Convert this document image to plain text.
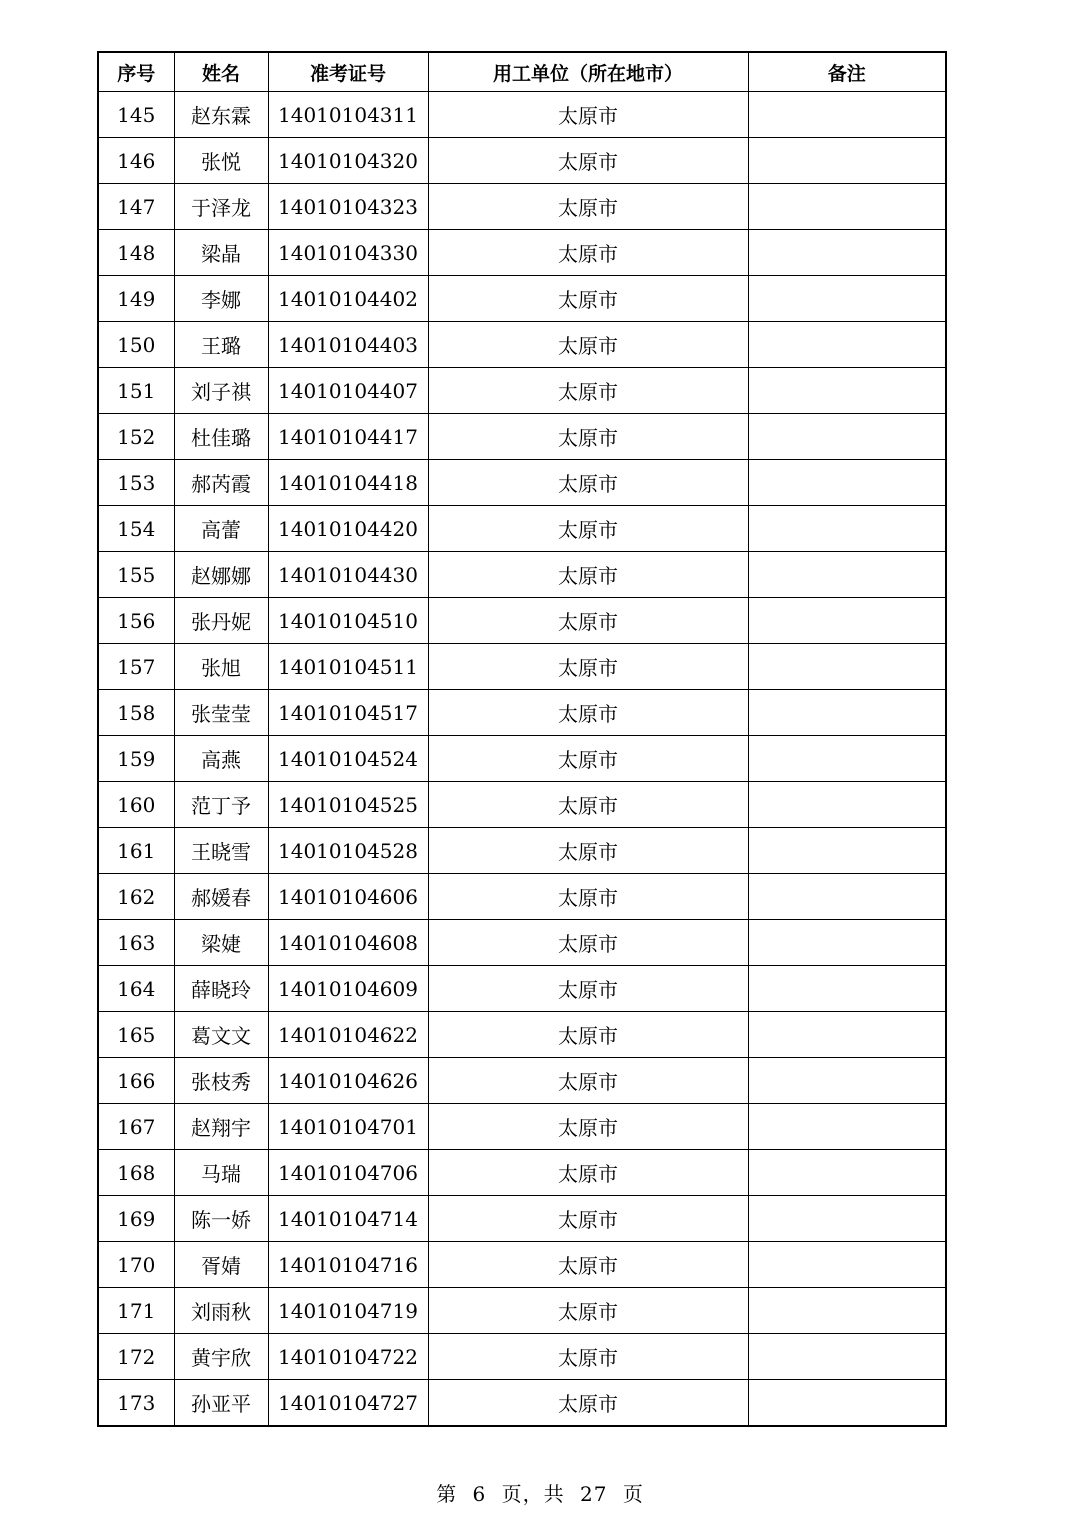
序号	姓名	准考证号	用工单位（所在地市）	备注
145	赵东霖	14010104311	太原市	
146	张悦	14010104320	太原市	
147	于泽龙	14010104323	太原市	
148	梁晶	14010104330	太原市	
149	李娜	14010104402	太原市	
150	王璐	14010104403	太原市	
151	刘子祺	14010104407	太原市	
152	杜佳璐	14010104417	太原市	
153	郝芮霞	14010104418	太原市	
154	高蕾	14010104420	太原市	
155	赵娜娜	14010104430	太原市	
156	张丹妮	14010104510	太原市	
157	张旭	14010104511	太原市	
158	张莹莹	14010104517	太原市	
159	高燕	14010104524	太原市	
160	范丁予	14010104525	太原市	
161	王晓雪	14010104528	太原市	
162	郝媛春	14010104606	太原市	
163	梁婕	14010104608	太原市	
164	薛晓玲	14010104609	太原市	
165	葛文文	14010104622	太原市	
166	张枝秀	14010104626	太原市	
167	赵翔宇	14010104701	太原市	
168	马瑞	14010104706	太原市	
169	陈一娇	14010104714	太原市	
170	胥婧	14010104716	太原市	
171	刘雨秋	14010104719	太原市	
172	黄宇欣	14010104722	太原市	
173	孙亚平	14010104727	太原市	
第 6 页，共 27 页
